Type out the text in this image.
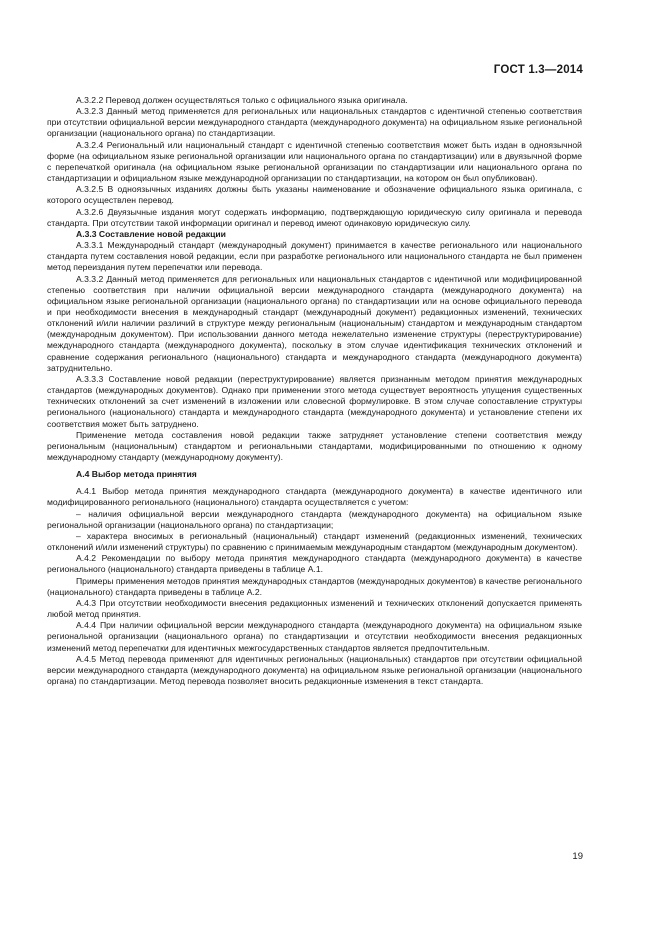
ГОСТ 1.3—2014

А.3.2.2 Перевод должен осуществляться только с официального языка оригинала.

А.3.2.3 Данный метод применяется для региональных или национальных стандартов с идентичной степенью соответствия при отсутствии официальной версии международного стандарта (международного документа) на официальном языке региональной организации (национального органа) по стандартизации.

А.3.2.4 Региональный или национальный стандарт с идентичной степенью соответствия может быть издан в одноязычной форме (на официальном языке региональной организации или национального органа по стандартизации) или в двуязычной форме с перепечаткой оригинала (на официальном языке региональной организации по стандартизации или национального органа по стандартизации и официальном языке международной организации по стандартизации, на котором он был опубликован).

А.3.2.5 В одноязычных изданиях должны быть указаны наименование и обозначение официального языка оригинала, с которого осуществлен перевод.

А.3.2.6 Двуязычные издания могут содержать информацию, подтверждающую юридическую силу оригинала и перевода стандарта. При отсутствии такой информации оригинал и перевод имеют одинаковую юридическую силу.

А.3.3 Составление новой редакции

А.3.3.1 Международный стандарт (международный документ) принимается в качестве регионального или национального стандарта путем составления новой редакции, если при разработке регионального или национального стандарта не был применен метод переиздания путем перепечатки или перевода.

А.3.3.2 Данный метод применяется для региональных или национальных стандартов с идентичной или модифицированной степенью соответствия при наличии официальной версии международного стандарта (международного документа) на официальном языке региональной организации (национального органа) по стандартизации или на основе официального перевода и при необходимости внесения в международный стандарт (международный документ) редакционных изменений, технических отклонений и/или наличии различий в структуре между региональным (национальным) стандартом и международным стандартом (международным документом). При использовании данного метода нежелательно изменение структуры (переструктурирование) международного стандарта (международного документа), поскольку в этом случае идентификация технических отклонений и сравнение содержания регионального (национального) стандарта и международного стандарта (международного документа) затруднительно.

А.3.3.3 Составление новой редакции (переструктурирование) является признанным методом принятия международных стандартов (международных документов). Однако при применении этого метода существует вероятность упущения существенных технических отклонений за счет изменений в изложении или словесной формулировке. В этом случае сопоставление структуры регионального (национального) стандарта и международного стандарта (международного документа) и установление степени их соответствия может быть затруднено.

Применение метода составления новой редакции также затрудняет установление степени соответствия между региональным (национальным) стандартом и региональными стандартами, модифицированными по отношению к одному международному стандарту (международному документу).

А.4 Выбор метода принятия

А.4.1 Выбор метода принятия международного стандарта (международного документа) в качестве идентичного или модифицированного регионального (национального) стандарта осуществляется с учетом:

– наличия официальной версии международного стандарта (международного документа) на официальном языке региональной организации (национального органа) по стандартизации;

– характера вносимых в региональный (национальный) стандарт изменений (редакционных изменений, технических отклонений и/или изменений структуры) по сравнению с принимаемым международным стандартом (международным документом).

А.4.2 Рекомендации по выбору метода принятия международного стандарта (международного документа) в качестве регионального (национального) стандарта приведены в таблице А.1.

Примеры применения методов принятия международных стандартов (международных документов) в качестве регионального (национального) стандарта приведены в таблице А.2.

А.4.3 При отсутствии необходимости внесения редакционных изменений и технических отклонений допускается применять любой метод принятия.

А.4.4 При наличии официальной версии международного стандарта (международного документа) на официальном языке региональной организации (национального органа) по стандартизации и отсутствии необходимости внесения редакционных изменений метод перепечатки для идентичных межгосударственных стандартов является предпочтительным.

А.4.5 Метод перевода применяют для идентичных региональных (национальных) стандартов при отсутствии официальной версии международного стандарта (международного документа) на официальном языке региональной организации (национального органа) по стандартизации. Метод перевода позволяет вносить редакционные изменения в текст стандарта.

19
